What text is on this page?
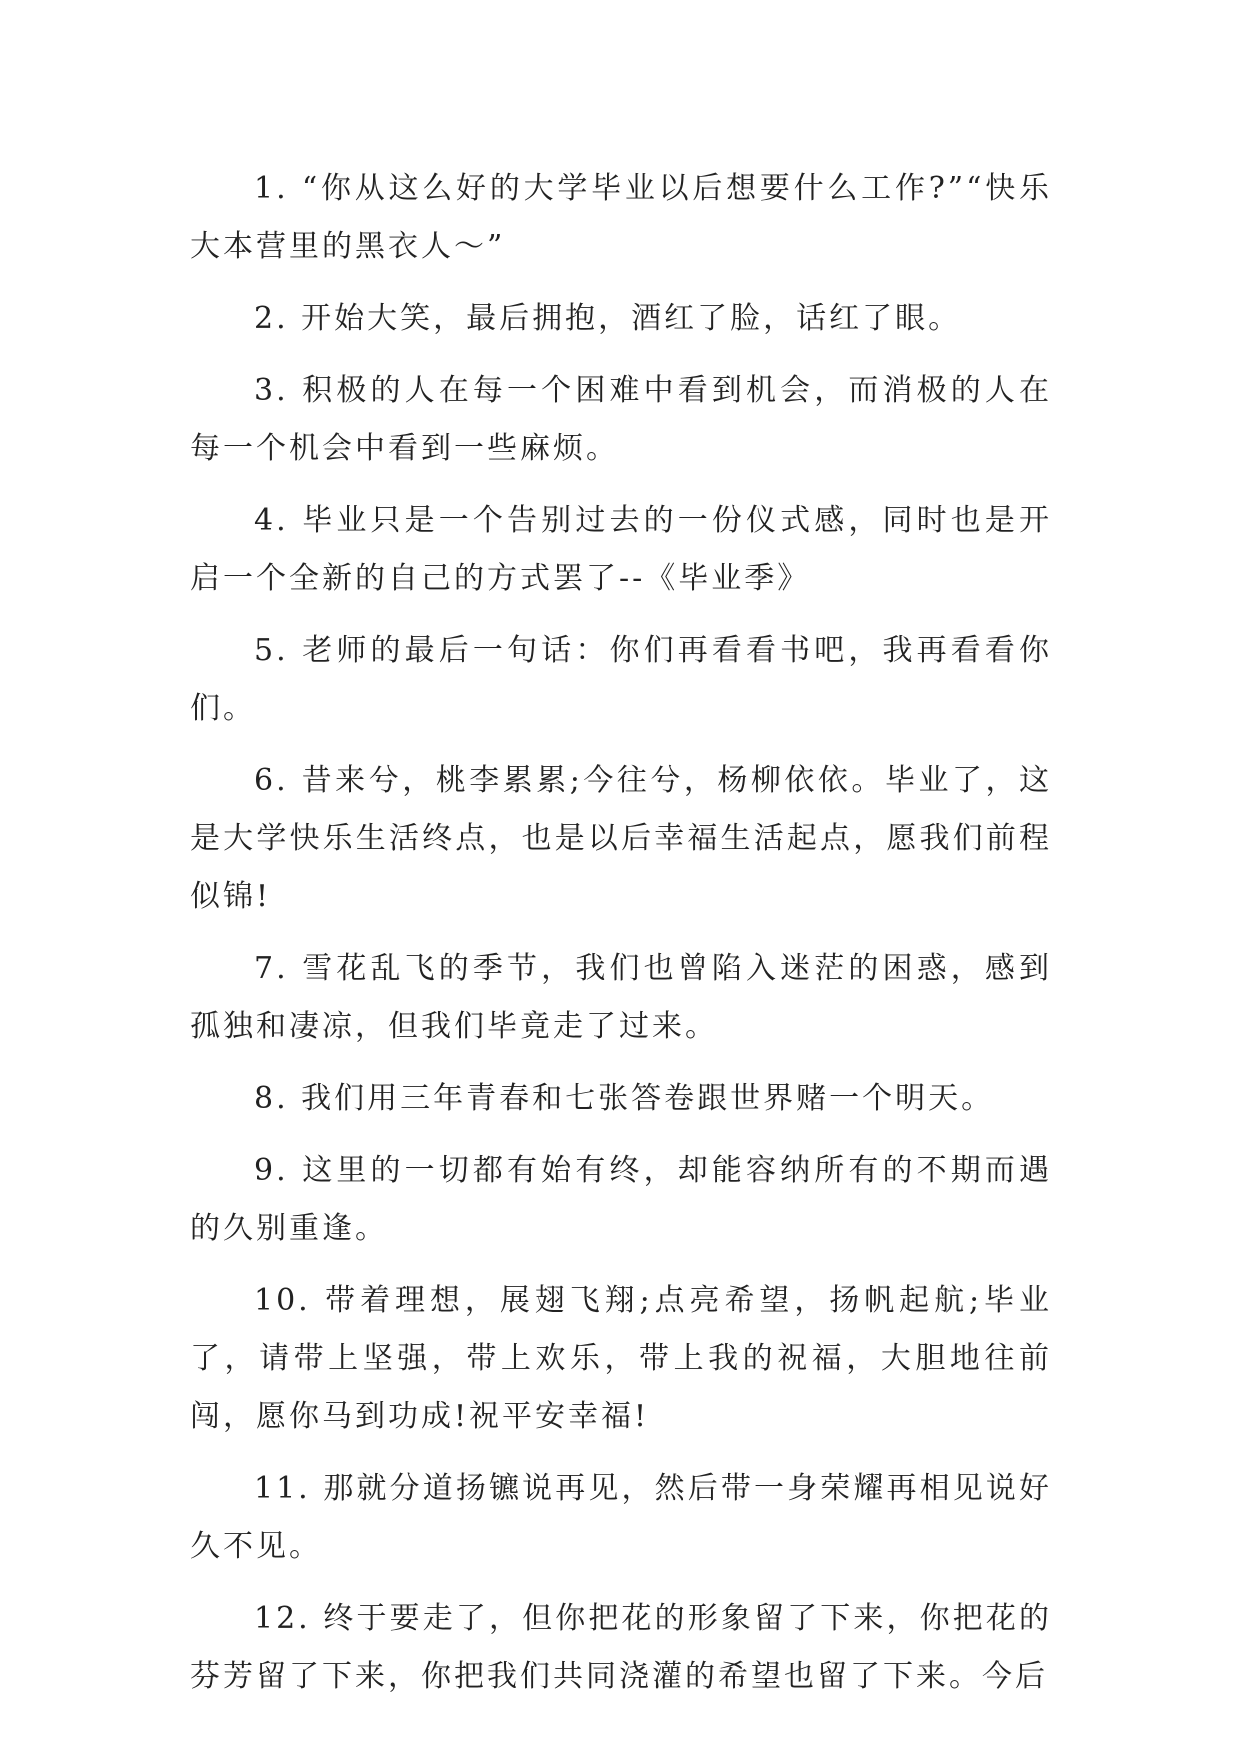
1. “你从这么好的大学毕业以后想要什么工作?”“快乐大本营里的黑衣人～”

2. 开始大笑，最后拥抱，酒红了脸，话红了眼。

3. 积极的人在每一个困难中看到机会，而消极的人在每一个机会中看到一些麻烦。

4. 毕业只是一个告别过去的一份仪式感，同时也是开启一个全新的自己的方式罢了--《毕业季》

5. 老师的最后一句话：你们再看看书吧，我再看看你们。

6. 昔来兮，桃李累累;今往兮，杨柳依依。毕业了，这是大学快乐生活终点，也是以后幸福生活起点，愿我们前程似锦!

7. 雪花乱飞的季节，我们也曾陷入迷茫的困惑，感到孤独和凄凉，但我们毕竟走了过来。

8. 我们用三年青春和七张答卷跟世界赌一个明天。

9. 这里的一切都有始有终，却能容纳所有的不期而遇的久别重逢。

10. 带着理想，展翅飞翔;点亮希望，扬帆起航;毕业了，请带上坚强，带上欢乐，带上我的祝福，大胆地往前闯，愿你马到功成!祝平安幸福!

11. 那就分道扬镳说再见，然后带一身荣耀再相见说好久不见。

12. 终于要走了，但你把花的形象留了下来，你把花的芬芳留了下来，你把我们共同浇灌的希望也留了下来。今后
